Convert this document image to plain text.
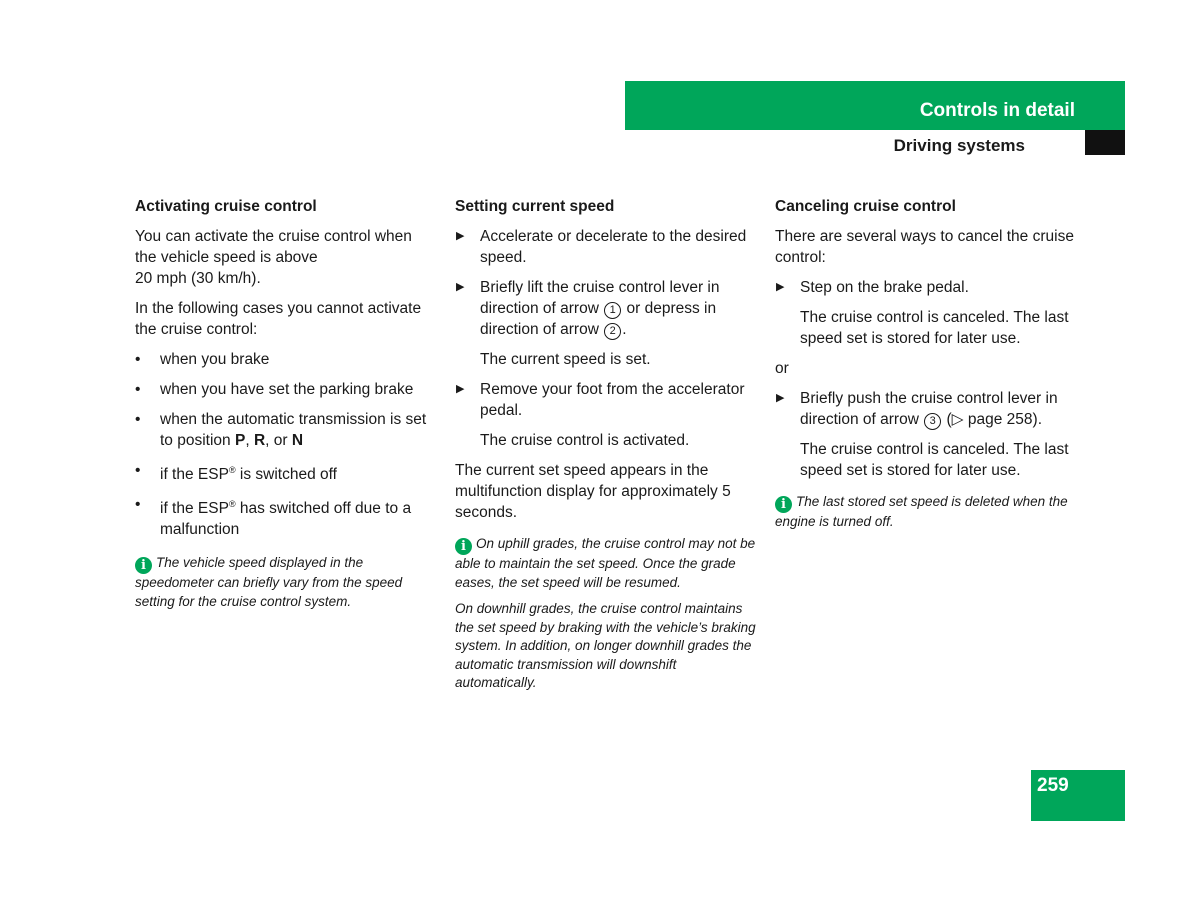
Controls in detail
Driving systems
Activating cruise control
You can activate the cruise control when
the vehicle speed is above
20 mph (30 km/h).
In the following cases you cannot activate the cruise control:
• when you brake
• when you have set the parking brake
• when the automatic transmission is set to position P, R, or N
• if the ESP® is switched off
• if the ESP® has switched off due to a malfunction
i The vehicle speed displayed in the speedometer can briefly vary from the speed setting for the cruise control system.
Setting current speed
▶ Accelerate or decelerate to the desired speed.
▶ Briefly lift the cruise control lever in direction of arrow 1 or depress in direction of arrow 2 .
The current speed is set.
▶ Remove your foot from the accelerator pedal.
The cruise control is activated.
The current set speed appears in the multifunction display for approximately 5 seconds.
i On uphill grades, the cruise control may not be able to maintain the set speed. Once the grade eases, the set speed will be resumed.
On downhill grades, the cruise control maintains the set speed by braking with the vehicle’s braking system. In addition, on longer downhill grades the automatic transmission will downshift automatically.
Canceling cruise control
There are several ways to cancel the cruise control:
▶ Step on the brake pedal.
The cruise control is canceled. The last speed set is stored for later use.
or
▶ Briefly push the cruise control lever in direction of arrow 3 (▷ page 258).
The cruise control is canceled. The last speed set is stored for later use.
i The last stored set speed is deleted when the engine is turned off.
259
